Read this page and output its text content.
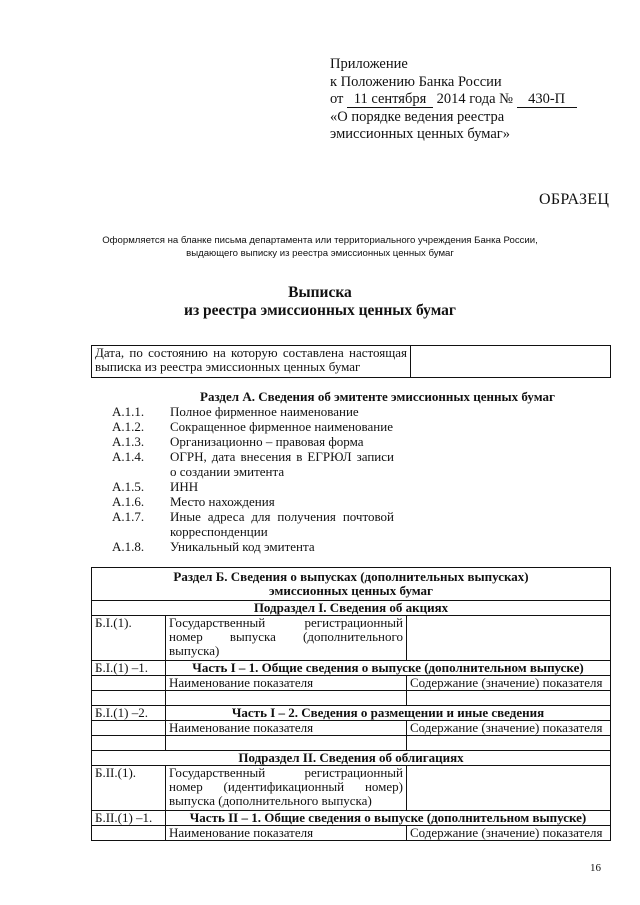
Приложение
к Положению Банка России
от 11 сентября 2014 года № 430-П
«О порядке ведения реестра
эмиссионных ценных бумаг»
ОБРАЗЕЦ
Оформляется на бланке письма департамента или территориального учреждения Банка России, выдающего выписку из реестра эмиссионных ценных бумаг
Выписка
из реестра эмиссионных ценных бумаг
Дата, по состоянию на которую составлена настоящая выписка из реестра эмиссионных ценных бумаг	
Раздел А. Сведения об эмитенте эмиссионных ценных бумаг
А.1.1.	Полное фирменное наименование
А.1.2.	Сокращенное фирменное наименование
А.1.3.	Организационно – правовая форма
А.1.4.	ОГРН, дата внесения в ЕГРЮЛ записи о создании эмитента
А.1.5.	ИНН
А.1.6.	Место нахождения
А.1.7.	Иные адреса для получения почтовой корреспонденции
А.1.8.	Уникальный код эмитента
Раздел Б. Сведения о выпусках (дополнительных выпусках) эмиссионных ценных бумаг		
Подраздел I. Сведения об акциях		
Б.I.(1).	Государственный регистрационный номер выпуска (дополнительного выпуска)	
Б.I.(1) –1.	Часть I – 1. Общие сведения о выпуске (дополнительном выпуске)	
	Наименование показателя	Содержание (значение) показателя

Б.I.(1) –2.	Часть I – 2. Сведения о размещении и иные сведения	
	Наименование показателя	Содержание (значение) показателя

Подраздел II. Сведения об облигациях		
Б.II.(1).	Государственный регистрационный номер (идентификационный номер) выпуска (дополнительного выпуска)	
Б.II.(1) –1.	Часть II – 1. Общие сведения о выпуске (дополнительном выпуске)	
	Наименование показателя	Содержание (значение) показателя
16
